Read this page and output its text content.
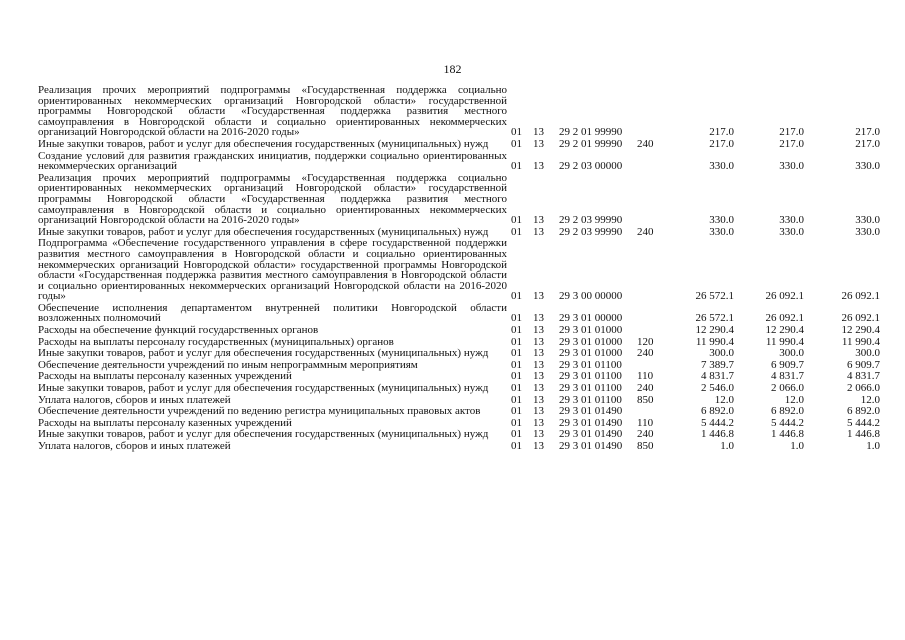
182
Реализация прочих мероприятий подпрограммы «Государственная поддержка социально ориентированных некоммерческих организаций Новгородской области» государственной программы Новгородской области «Государственная поддержка развития местного самоуправления в Новгородской области и социально ориентированных некоммерческих организаций Новгородской области на 2016-2020 годы»	01	13	29 2 01 99990		217.0	217.0	217.0
Иные закупки товаров, работ и услуг для обеспечения государственных (муниципальных) нужд	01	13	29 2 01 99990	240	217.0	217.0	217.0
Создание условий для развития гражданских инициатив, поддержки социально ориентированных некоммерческих организаций	01	13	29 2 03 00000		330.0	330.0	330.0
Реализация прочих мероприятий подпрограммы «Государственная поддержка социально ориентированных некоммерческих организаций Новгородской области» государственной программы Новгородской области «Государственная поддержка развития местного самоуправления в Новгородской области и социально ориентированных некоммерческих организаций Новгородской области на 2016-2020 годы»	01	13	29 2 03 99990		330.0	330.0	330.0
Иные закупки товаров, работ и услуг для обеспечения государственных (муниципальных) нужд	01	13	29 2 03 99990	240	330.0	330.0	330.0
Подпрограмма «Обеспечение государственного управления в сфере государственной поддержки развития местного самоуправления в Новгородской области и социально ориентированных некоммерческих организаций Новгородской области» государственной программы Новгородской области «Государственная поддержка развития местного самоуправления в Новгородской области и социально ориентированных некоммерческих организаций Новгородской области на 2016-2020 годы»	01	13	29 3 00 00000		26 572.1	26 092.1	26 092.1
Обеспечение исполнения департаментом внутренней политики Новгородской области возложенных полномочий	01	13	29 3 01 00000		26 572.1	26 092.1	26 092.1
Расходы на обеспечение функций государственных органов	01	13	29 3 01 01000		12 290.4	12 290.4	12 290.4
Расходы на выплаты персоналу государственных (муниципальных) органов	01	13	29 3 01 01000	120	11 990.4	11 990.4	11 990.4
Иные закупки товаров, работ и услуг для обеспечения государственных (муниципальных) нужд	01	13	29 3 01 01000	240	300.0	300.0	300.0
Обеспечение деятельности учреждений по иным непрограммным мероприятиям	01	13	29 3 01 01100		7 389.7	6 909.7	6 909.7
Расходы на выплаты персоналу казенных учреждений	01	13	29 3 01 01100	110	4 831.7	4 831.7	4 831.7
Иные закупки товаров, работ и услуг для обеспечения государственных (муниципальных) нужд	01	13	29 3 01 01100	240	2 546.0	2 066.0	2 066.0
Уплата налогов, сборов и иных платежей	01	13	29 3 01 01100	850	12.0	12.0	12.0
Обеспечение деятельности учреждений по ведению регистра муниципальных правовых актов	01	13	29 3 01 01490		6 892.0	6 892.0	6 892.0
Расходы на выплаты персоналу казенных учреждений	01	13	29 3 01 01490	110	5 444.2	5 444.2	5 444.2
Иные закупки товаров, работ и услуг для обеспечения государственных (муниципальных) нужд	01	13	29 3 01 01490	240	1 446.8	1 446.8	1 446.8
Уплата налогов, сборов и иных платежей	01	13	29 3 01 01490	850	1.0	1.0	1.0
